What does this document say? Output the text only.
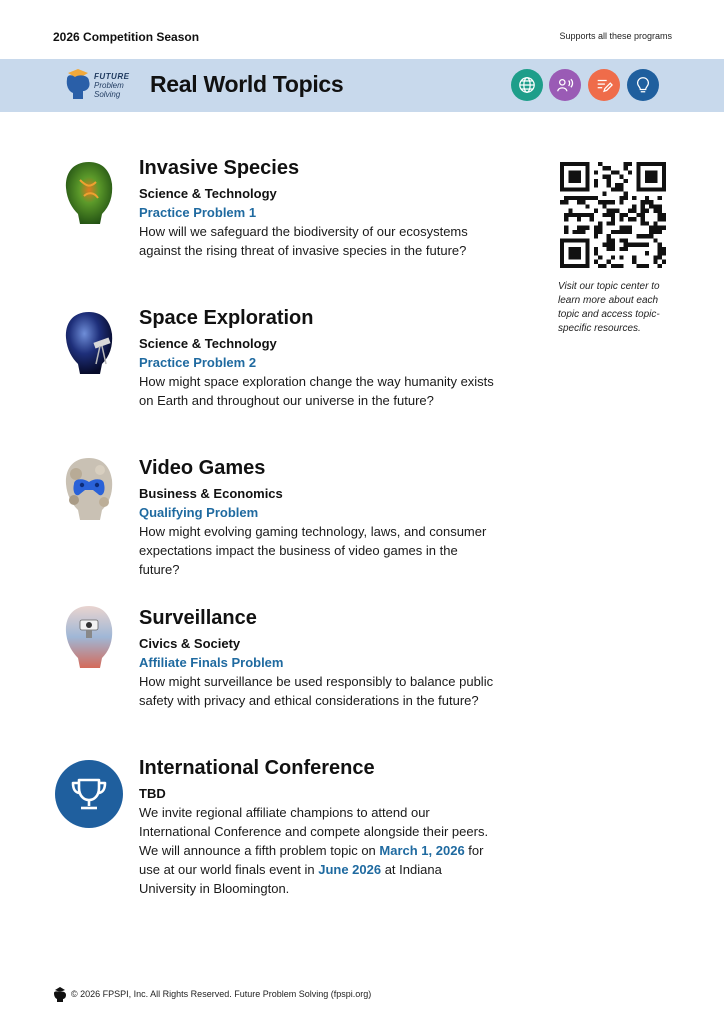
2026 Competition Season	Supports all these programs
FUTURE
Problem
Solving	Real World Topics
Invasive Species
Science & Technology
Practice Problem 1
How will we safeguard the biodiversity of our ecosystems against the rising threat of invasive species in the future?
Space Exploration
Science & Technology
Practice Problem 2
How might space exploration change the way humanity exists on Earth and throughout our universe in the future?
Video Games
Business & Economics
Qualifying Problem
How might evolving gaming technology, laws, and consumer expectations impact the business of video games in the future?
Surveillance
Civics & Society
Affiliate Finals Problem
How might surveillance be used responsibly to balance public safety with privacy and ethical considerations in the future?
International Conference
TBD
We invite regional affiliate champions to attend our International Conference and compete alongside their peers. We will announce a fifth problem topic on March 1, 2026 for use at our world finals event in June 2026 at Indiana University in Bloomington.
Visit our topic center to learn more about each topic and access topic-specific resources.
© 2026 FPSPI, Inc. All Rights Reserved. Future Problem Solving (fpspi.org)
